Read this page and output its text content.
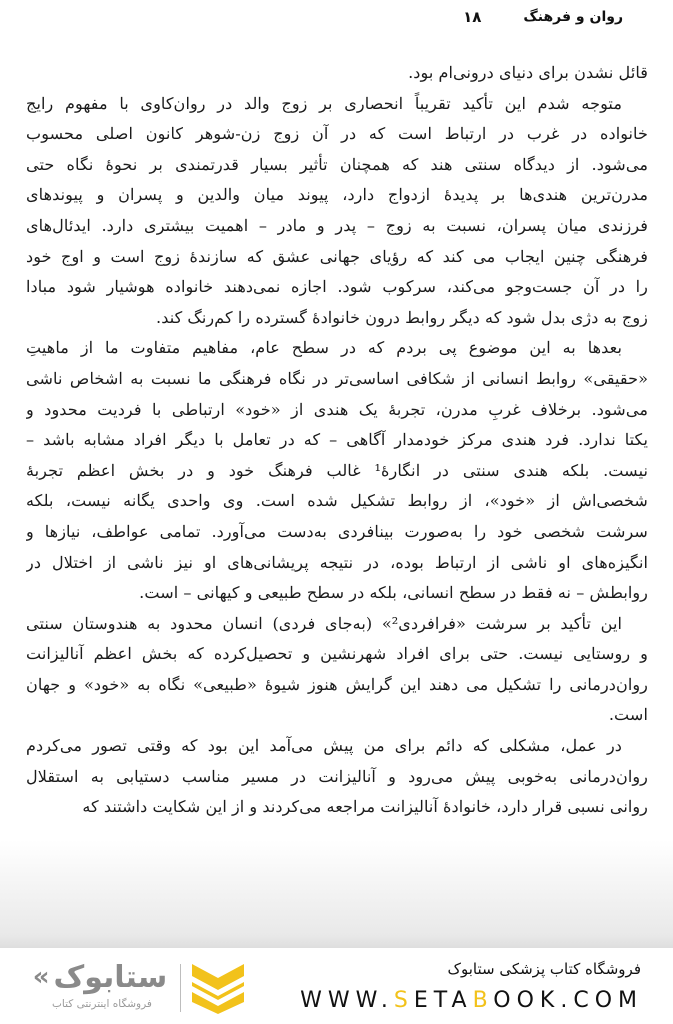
روان و فرهنگ
۱۸
قائل نشدن برای دنیای درونی‌ام بود.
متوجه شدم این تأکید تقریباً انحصاری بر زوج والد در روان‌کاوی با مفهوم رایج
خانواده در غرب در ارتباط است که در آن زوج زن-شوهر کانون اصلی محسوب
می‌شود. از دیدگاه سنتی هند که همچنان تأثیر بسیار قدرتمندی بر نحوهٔ نگاه حتی
مدرن‌ترین هندی‌ها بر پدیدهٔ ازدواج دارد، پیوند میان والدین و پسران و پیوندهای
فرزندی میان پسران، نسبت به زوج – پدر و مادر – اهمیت بیشتری دارد. ایدئال‌های
فرهنگی چنین ایجاب می کند که رؤیای جهانی عشق که سازندهٔ زوج است و اوج خود
را در آن جست‌وجو می‌کند، سرکوب شود. اجازه نمی‌دهند خانواده هوشیار شود مبادا
زوج به دژی بدل شود که دیگر روابط درون خانوادهٔ گسترده را کم‌رنگ کند.
بعدها به این موضوع پی بردم که در سطح عام، مفاهیم متفاوت ما از ماهیتِ
«حقیقی» روابط انسانی از شکافی اساسی‌تر در نگاه فرهنگی ما نسبت به اشخاص ناشی
می‌شود. برخلاف غربِ مدرن، تجربهٔ یک هندی از «خود» ارتباطی با فردیت محدود و
یکتا ندارد. فرد هندی مرکز خودمدار آگاهی – که در تعامل با دیگر افراد مشابه باشد –
نیست. بلکه هندی سنتی در انگارهٔ¹ غالب فرهنگ خود و در بخش اعظم تجربهٔ
شخصی‌اش از «خود»، از روابط تشکیل شده است. وی واحدی یگانه نیست، بلکه
سرشت شخصی خود را به‌صورت بینافردی به‌دست می‌آورد. تمامی عواطف، نیازها و
انگیزه‌های او ناشی از ارتباط بوده، در نتیجه پریشانی‌های او نیز ناشی از اختلال در
روابطش – نه فقط در سطح انسانی، بلکه در سطح طبیعی و کیهانی – است.
این تأکید بر سرشت «فرافردی²» (به‌جای فردی) انسان محدود به هندوستان سنتی
و روستایی نیست. حتی برای افراد شهرنشین و تحصیل‌کرده که بخش اعظم آنالیزانت
روان‌درمانی را تشکیل می دهند این گرایش هنوز شیوهٔ «طبیعی» نگاه به «خود» و جهان
است.
در عمل، مشکلی که دائم برای من پیش می‌آمد این بود که وقتی تصور می‌کردم
روان‌درمانی به‌خوبی پیش می‌رود و آنالیزانت در مسیر مناسب دستیابی به استقلال
روانی نسبی قرار دارد، خانوادهٔ آنالیزانت مراجعه می‌کردند و از این شکایت داشتند که
فروشگاه کتاب پزشکی ستابوک
WWW.SETABOOK.COM
« ستابوک
فروشگاه اینترنتی کتاب
